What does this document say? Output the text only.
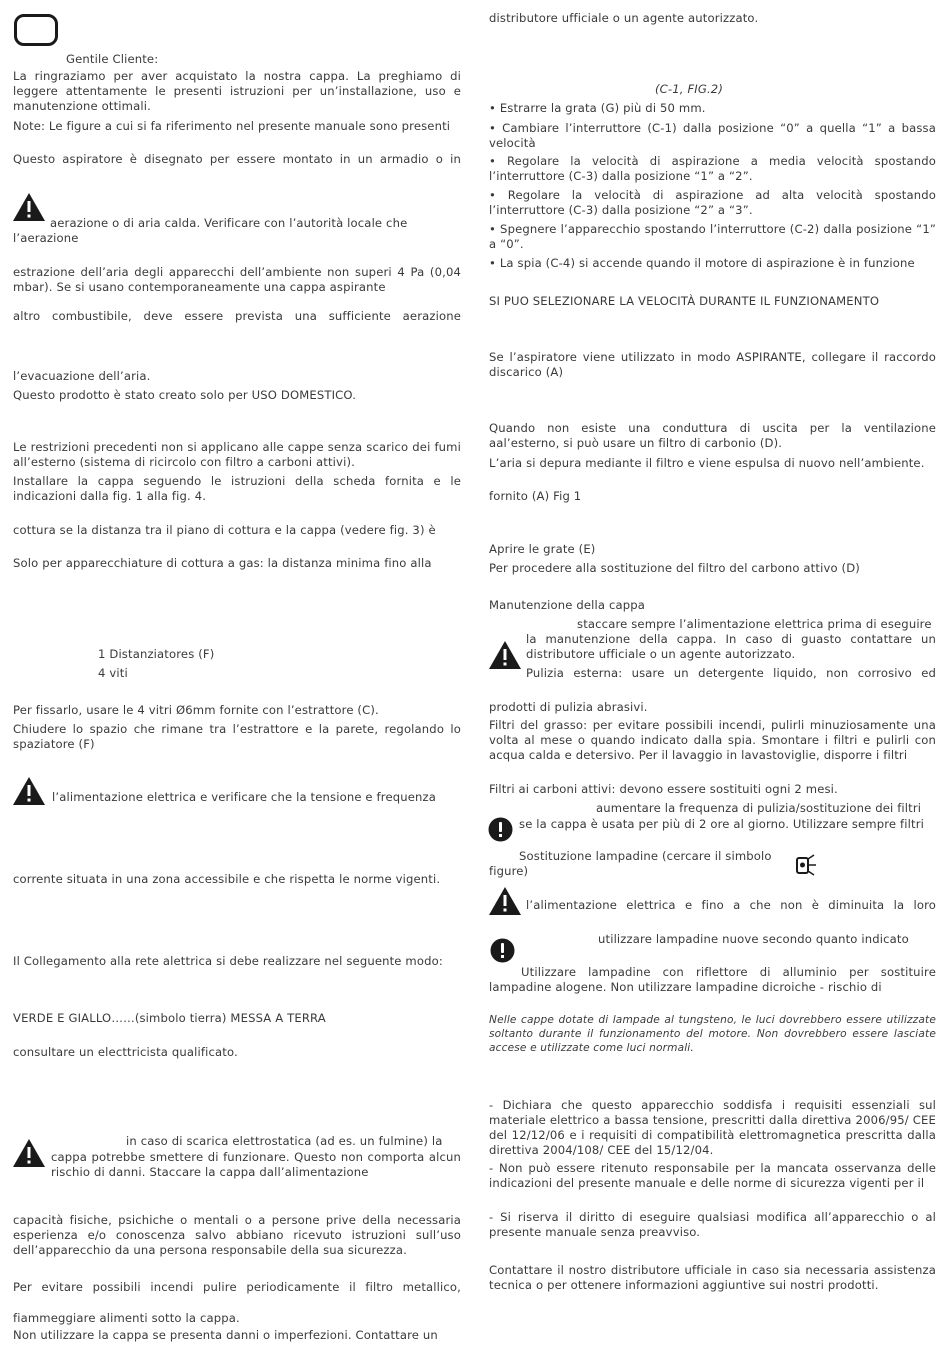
Gentile Cliente:

La ringraziamo per aver acquistato la nostra cappa. La preghiamo di leggere attentamente le presenti istruzioni per un’installazione, uso e manutenzione ottimali.

Note: Le figure a cui si fa riferimento nel presente manuale sono presenti

Questo aspiratore è disegnato per essere montato in un armadio o in

aerazione o di aria calda. Verificare con l’autorità locale che

l’aerazione

estrazione dell’aria degli apparecchi dell’ambiente non superi 4 Pa (0,04 mbar). Se si usano contemporaneamente una cappa aspirante

altro combustibile, deve essere prevista una sufficiente aerazione

l’evacuazione dell’aria.

Questo prodotto è stato creato solo per USO DOMESTICO.

Le restrizioni precedenti non si applicano alle cappe senza scarico dei fumi all’esterno (sistema di ricircolo con filtro a carboni attivi).

Installare la cappa seguendo le istruzioni della scheda fornita e le indicazioni dalla fig. 1 alla fig. 4.

cottura se la distanza tra il piano di cottura e la cappa (vedere fig. 3) è

Solo per apparecchiature di cottura a gas: la distanza minima fino alla

1 Distanziatores (F)

4 viti

Per fissarlo, usare le 4 vitri Ø6mm fornite con l’estrattore (C).

Chiudere lo spazio che rimane tra l’estrattore e la parete, regolando lo spaziatore (F)

l’alimentazione elettrica e verificare che la tensione e frequenza

corrente situata in una zona accessibile e che rispetta le norme vigenti.

Il Collegamento alla rete alettrica si debe realizzare nel seguente modo:

VERDE E GIALLO……(simbolo tierra) MESSA A TERRA

consultare un electtricista qualificato.

in caso di scarica elettrostatica (ad es. un fulmine) la

cappa potrebbe smettere di funzionare. Questo non comporta alcun rischio di danni. Staccare la cappa dall’alimentazione

capacità fisiche, psichiche o mentali o a persone prive della necessaria esperienza e/o conoscenza salvo abbiano ricevuto istruzioni sull’uso dell’apparecchio da una persona responsabile della sua sicurezza.

Per evitare possibili incendi pulire periodicamente il filtro metallico,

fiammeggiare alimenti sotto la cappa.

Non utilizzare la cappa se presenta danni o imperfezioni. Contattare un

distributore ufficiale o un agente autorizzato.

(C-1, FIG.2)

• Estrarre la grata (G) più di 50 mm.

• Cambiare l’interruttore (C-1) dalla posizione “0” a quella “1” a bassa velocità

• Regolare la velocità di aspirazione a media velocità spostando l’interruttore (C-3) dalla posizione “1” a “2”.

• Regolare la velocità di aspirazione ad alta velocità spostando l’interruttore (C-3) dalla posizione “2” a “3”.

• Spegnere l’apparecchio spostando l’interruttore (C-2) dalla posizione “1” a “0”.

• La spia (C-4) si accende quando il motore di aspirazione è in funzione

SI PUO SELEZIONARE LA VELOCITÀ DURANTE IL FUNZIONAMENTO

Se l’aspiratore viene utilizzato in modo ASPIRANTE, collegare il raccordo discarico (A)

Quando non esiste una conduttura di uscita per la ventilazione aal’esterno, si può usare un filtro di carbonio (D).

L’aria si depura mediante il filtro e viene espulsa di nuovo nell’ambiente.

fornito (A) Fig 1

Aprire le grate (E)

Per procedere alla sostituzione del filtro del carbono attivo (D)

Manutenzione della cappa

staccare sempre l’alimentazione elettrica prima di eseguire

la manutenzione della cappa. In caso di guasto contattare un distributore ufficiale o un agente autorizzato.

Pulizia esterna: usare un detergente liquido, non corrosivo ed

prodotti di pulizia abrasivi.

Filtri del grasso: per evitare possibili incendi, pulirli minuziosamente una volta al mese o quando indicato dalla spia. Smontare i filtri e pulirli con acqua calda e detersivo. Per il lavaggio in lavastoviglie, disporre i filtri

Filtri ai carboni attivi: devono essere sostituiti ogni 2 mesi.

aumentare la frequenza di pulizia/sostituzione dei filtri

se la cappa è usata per più di 2 ore al giorno. Utilizzare sempre filtri

Sostituzione lampadine (cercare il simbolo

figure)

l’alimentazione elettrica e fino a che non è diminuita la loro

utilizzare lampadine nuove secondo quanto indicato

Utilizzare lampadine con riflettore di alluminio per sostituire lampadine alogene. Non utilizzare lampadine dicroiche - rischio di

Nelle cappe dotate di lampade al tungsteno, le luci dovrebbero essere utilizzate soltanto durante il funzionamento del motore. Non dovrebbero essere lasciate accese e utilizzate come luci normali.

- Dichiara che questo apparecchio soddisfa i requisiti essenziali sul materiale elettrico a bassa tensione, prescritti dalla direttiva 2006/95/ CEE del 12/12/06 e i requisiti di compatibilità elettromagnetica prescritta dalla direttiva 2004/108/ CEE del 15/12/04.

- Non può essere ritenuto responsabile per la mancata osservanza delle indicazioni del presente manuale e delle norme di sicurezza vigenti per il

- Si riserva il diritto di eseguire qualsiasi modifica all’apparecchio o al presente manuale senza preavviso.

Contattare il nostro distributore ufficiale in caso sia necessaria assistenza tecnica o per ottenere informazioni aggiuntive sui nostri prodotti.
